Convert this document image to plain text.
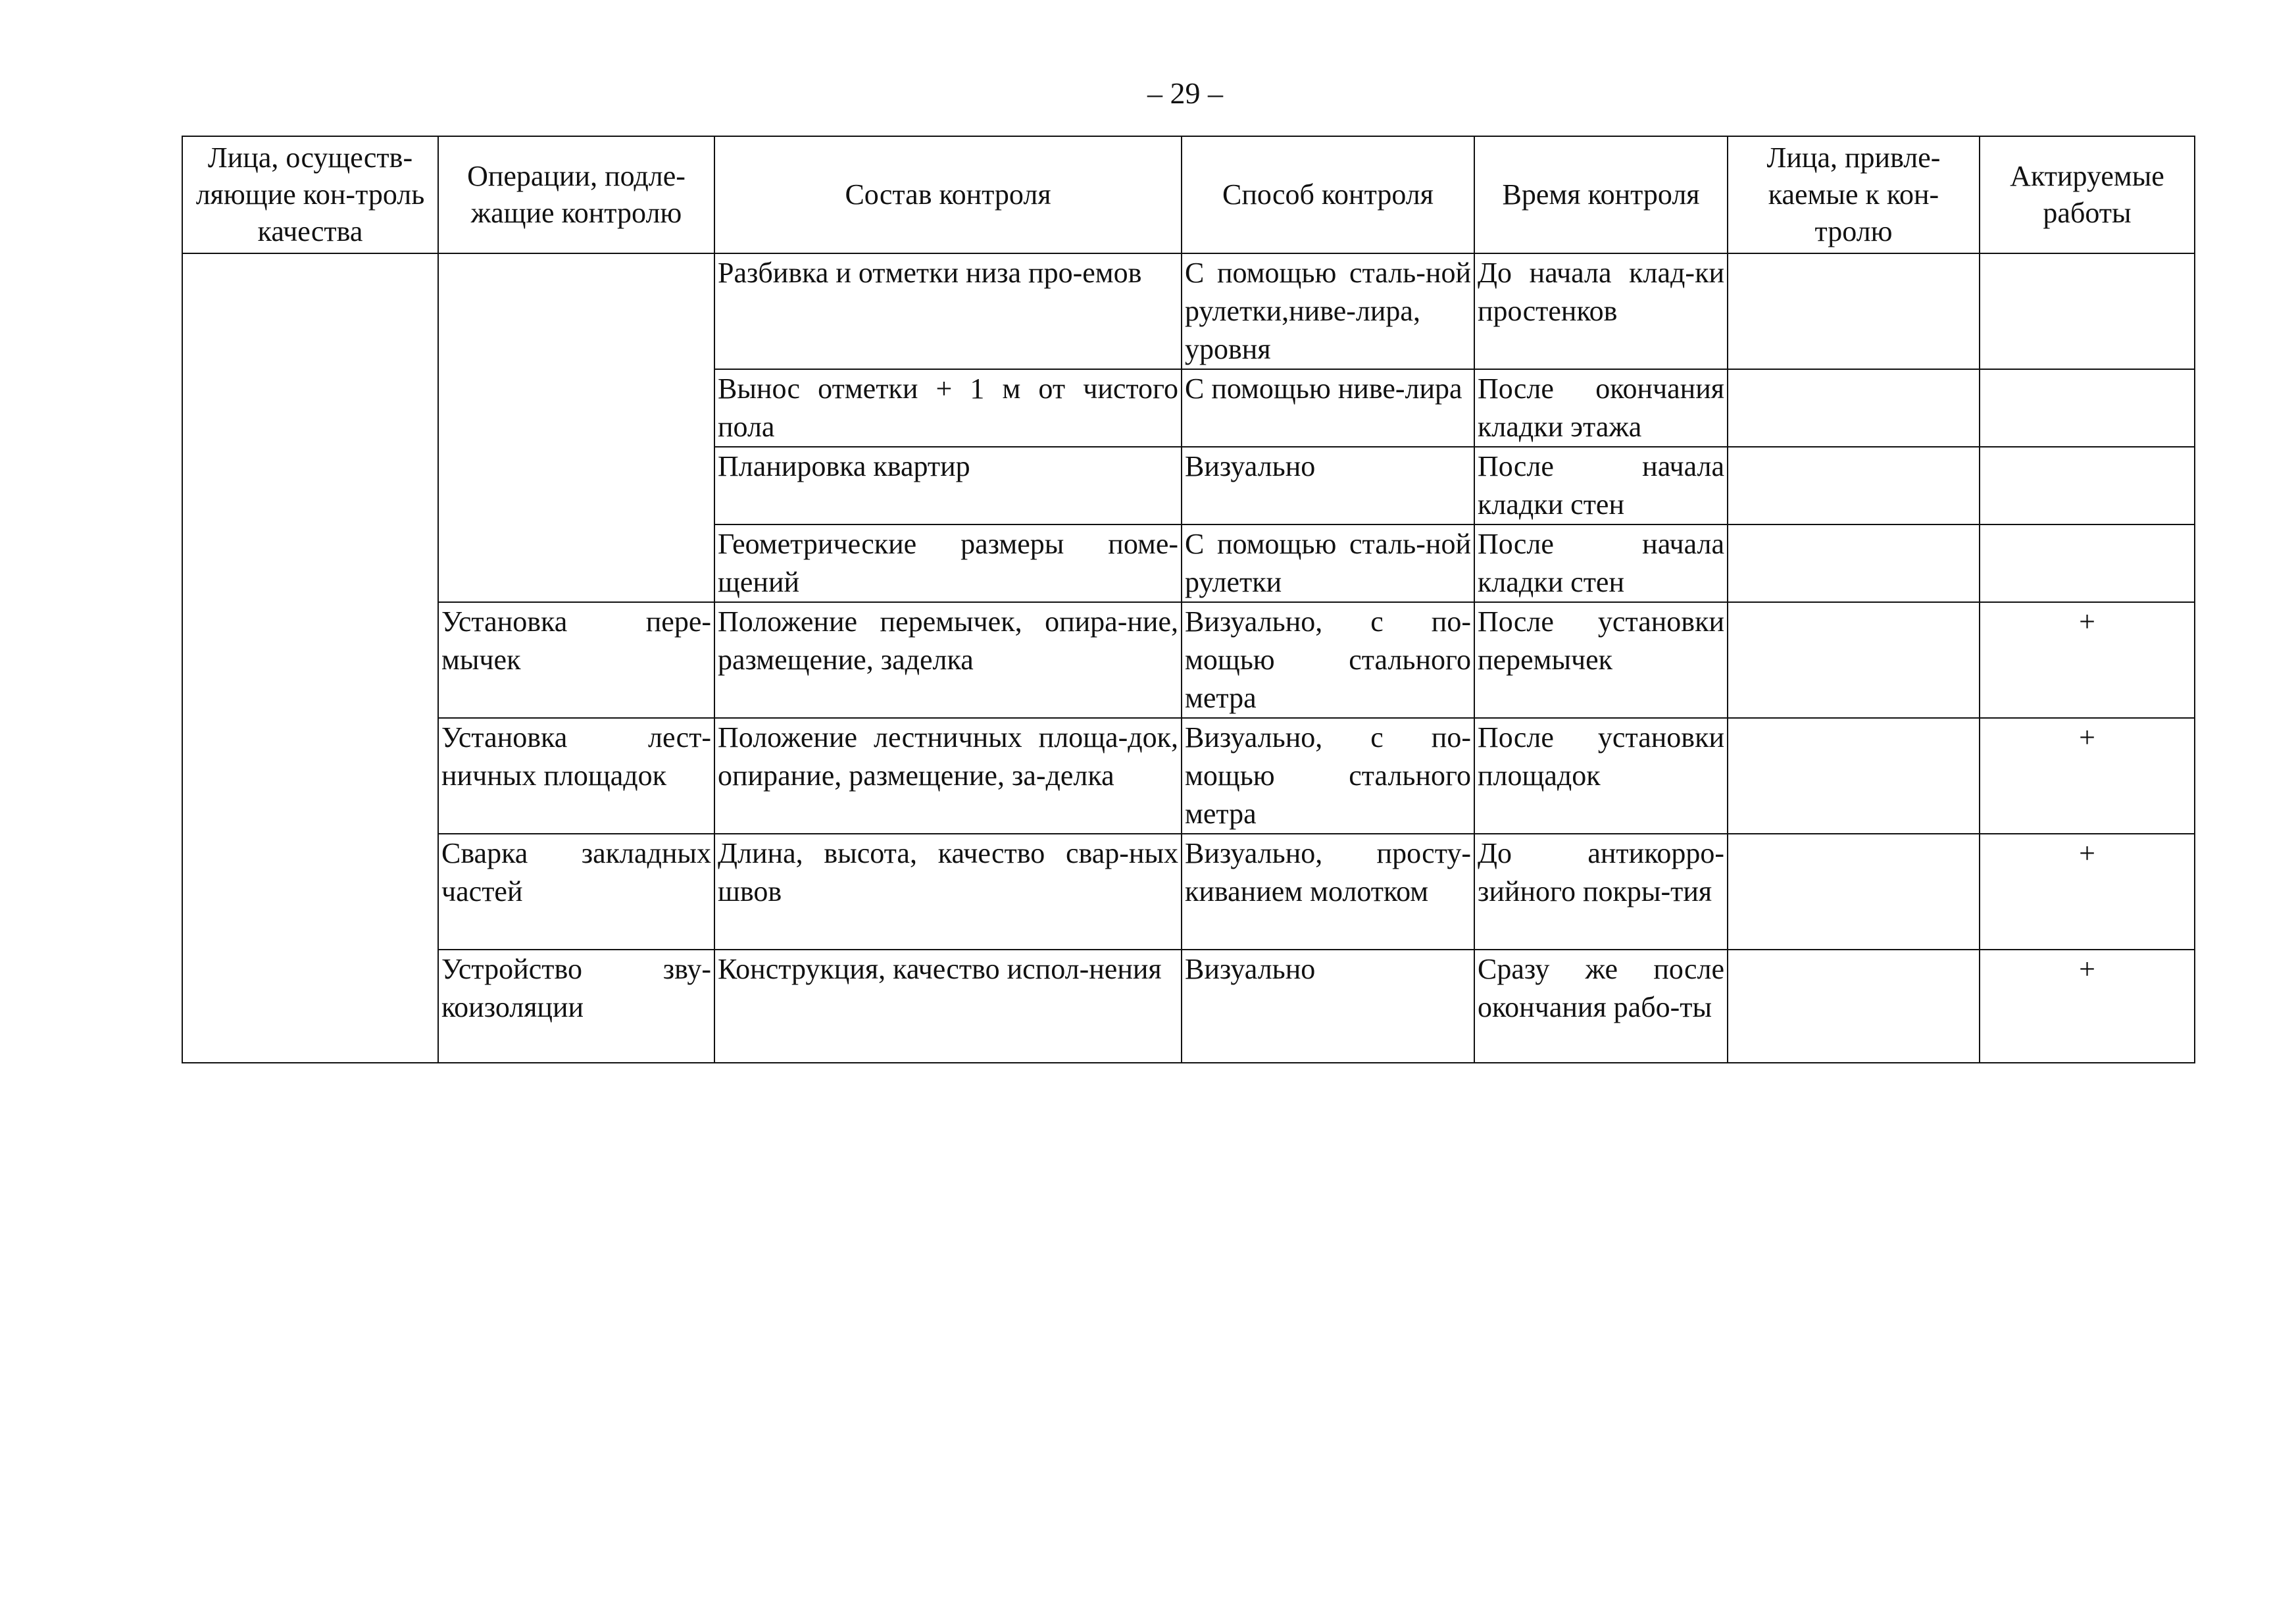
– 29 –
Лица, осуществ-ляющие кон-троль качества	Операции, подле-жащие контролю	Состав контроля	Способ контроля	Время контроля	Лица, привле-каемые к кон-тролю	Актируемые работы
		Разбивка и отметки низа про-емов	С помощью сталь-ной рулетки,ниве-лира, уровня	До начала клад-ки простенков		
		Вынос отметки + 1 м от чистого пола	С помощью ниве-лира	После окончания кладки этажа		
		Планировка квартир	Визуально	После начала кладки стен		
		Геометрические размеры поме-щений	С помощью сталь-ной рулетки	После начала кладки стен		
	Установка пере-мычек	Положение перемычек, опира-ние, размещение, заделка	Визуально, с по-мощью стального метра	После установки перемычек		+
	Установка лест-ничных площадок	Положение лестничных площа-док, опирание, размещение, за-делка	Визуально, с по-мощью стального метра	После установки площадок		+
	Сварка закладных частей	Длина, высота, качество свар-ных швов	Визуально, просту-киванием молотком	До антикорро-зийного покры-тия		+
	Устройство зву-коизоляции	Конструкция, качество испол-нения	Визуально	Сразу же после окончания рабо-ты		+
